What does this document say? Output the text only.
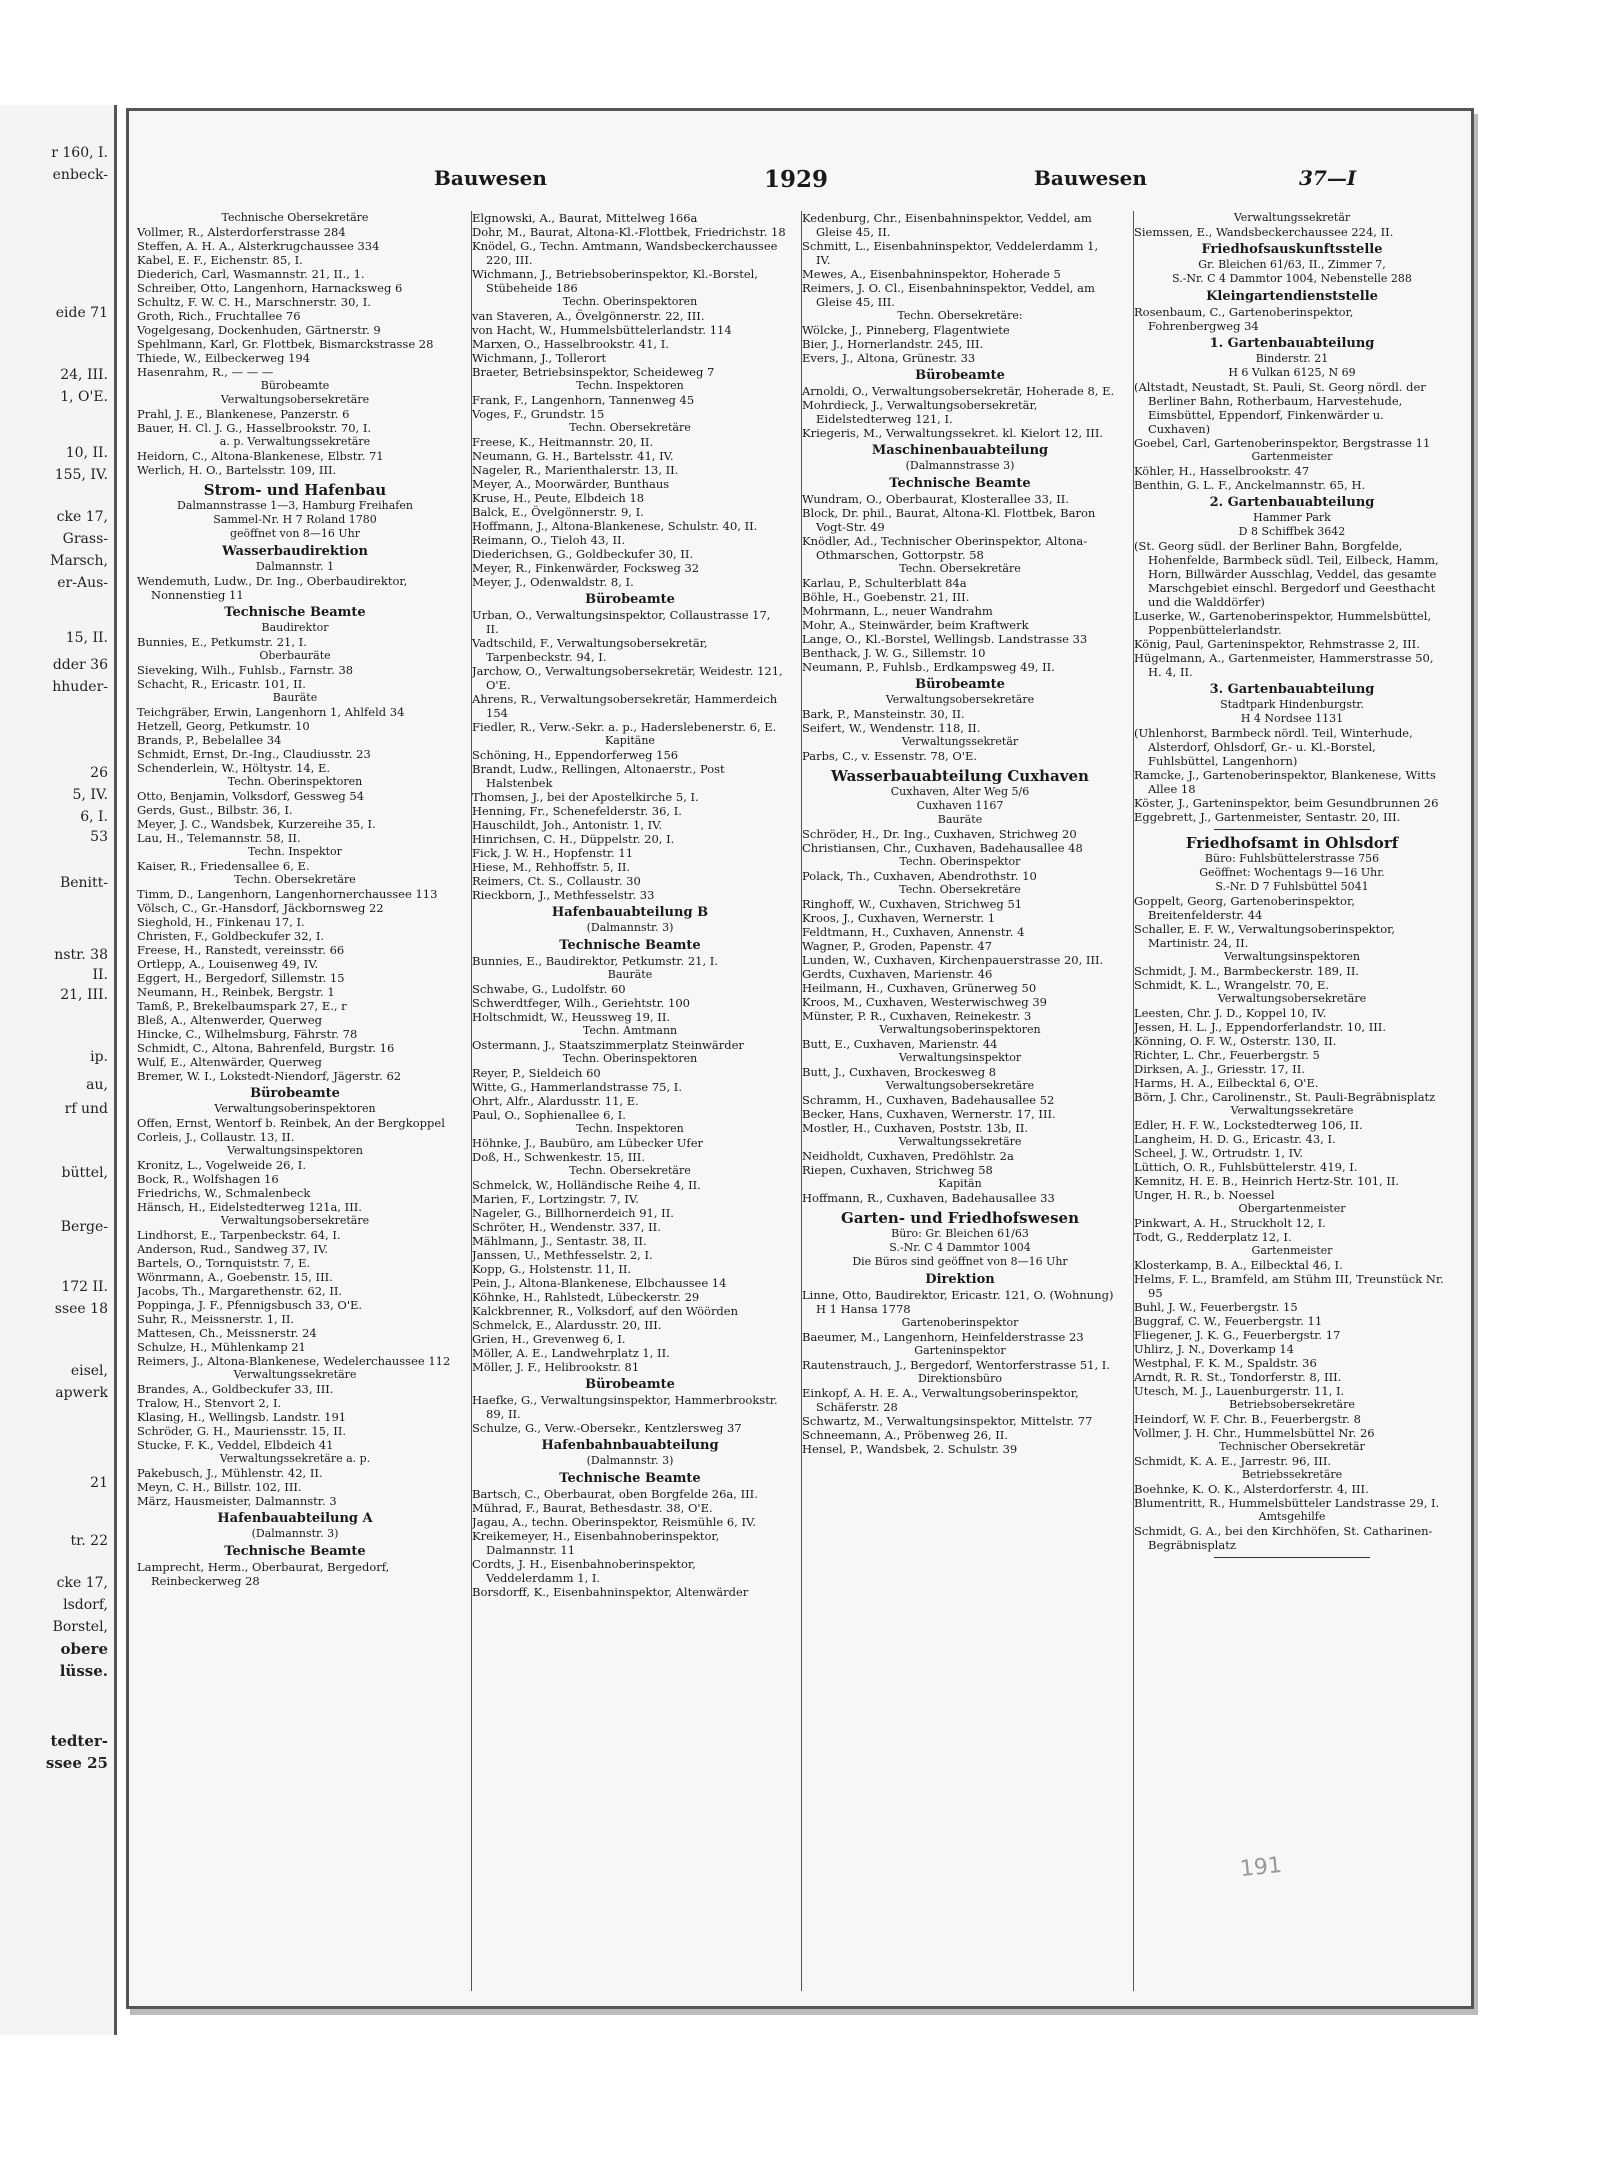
r 160, I.
enbeck-
eide 71
24, III.
1, O'E.
10, II.
155, IV.
cke 17,
Grass-
Marsch,
er-Aus-
15, II.
dder 36
hhuder-
26
5, IV.
6, I.
53
Benitt-
nstr. 38
II.
21, III.
ip.
au,
rf und
büttel,
Berge-
172 II.
ssee 18
eisel,
apwerk
21
tr. 22
cke 17,
lsdorf,
Borstel,
obere
lüsse.
tedter-
ssee 25
Bauwesen	1929	Bauwesen	37—I

Technische Obersekretäre

Vollmer, R., Alsterdorferstrasse 284

Steffen, A. H. A., Alsterkrugchaussee 334

Kabel, E. F., Eichenstr. 85, I.

Diederich, Carl, Wasmannstr. 21, II., 1.

Schreiber, Otto, Langenhorn, Harnacksweg 6

Schultz, F. W. C. H., Marschnerstr. 30, I.

Groth, Rich., Fruchtallee 76

Vogelgesang, Dockenhuden, Gärtnerstr. 9

Spehlmann, Karl, Gr. Flottbek, Bismarckstrasse 28

Thiede, W., Eilbeckerweg 194

Hasenrahm, R., — — —

Bürobeamte

Verwaltungsobersekretäre

Prahl, J. E., Blankenese, Panzerstr. 6

Bauer, H. Cl. J. G., Hasselbrookstr. 70, I.

a. p. Verwaltungssekretäre

Heidorn, C., Altona-Blankenese, Elbstr. 71

Werlich, H. O., Bartelsstr. 109, III.

Strom- und Hafenbau

Dalmannstrasse 1—3, Hamburg Freihafen

Sammel-Nr. H 7 Roland 1780

geöffnet von 8—16 Uhr

Wasserbaudirektion

Dalmannstr. 1

Wendemuth, Ludw., Dr. Ing., Oberbaudirektor, Nonnenstieg 11

Technische Beamte

Baudirektor

Bunnies, E., Petkumstr. 21, I.

Oberbauräte

Sieveking, Wilh., Fuhlsb., Farnstr. 38

Schacht, R., Ericastr. 101, II.

Bauräte

Teichgräber, Erwin, Langenhorn 1, Ahlfeld 34

Hetzell, Georg, Petkumstr. 10

Brands, P., Bebelallee 34

Schmidt, Ernst, Dr.-Ing., Claudiusstr. 23

Schenderlein, W., Höltystr. 14, E.

Techn. Oberinspektoren

Otto, Benjamin, Volksdorf, Gessweg 54

Gerds, Gust., Bilbstr. 36, I.

Meyer, J. C., Wandsbek, Kurzereihe 35, I.

Lau, H., Telemannstr. 58, II.

Techn. Inspektor

Kaiser, R., Friedensallee 6, E.

Techn. Obersekretäre

Timm, D., Langenhorn, Langenhornerchaussee 113

Völsch, C., Gr.-Hansdorf, Jäckbornsweg 22

Sieghold, H., Finkenau 17, I.

Christen, F., Goldbeckufer 32, I.

Freese, H., Ranstedt, vereinsstr. 66

Ortlepp, A., Louisenweg 49, IV.

Eggert, H., Bergedorf, Sillemstr. 15

Neumann, H., Reinbek, Bergstr. 1

Tamß, P., Brekelbaumspark 27, E., r

Bleß, A., Altenwerder, Querweg

Hincke, C., Wilhelmsburg, Fährstr. 78

Schmidt, C., Altona, Bahrenfeld, Burgstr. 16

Wulf, E., Altenwärder, Querweg

Bremer, W. I., Lokstedt-Niendorf, Jägerstr. 62

Bürobeamte

Verwaltungsoberinspektoren

Offen, Ernst, Wentorf b. Reinbek, An der Bergkoppel

Corleis, J., Collaustr. 13, II.

Verwaltungsinspektoren

Kronitz, L., Vogelweide 26, I.

Bock, R., Wolfshagen 16

Friedrichs, W., Schmalenbeck

Hänsch, H., Eidelstedterweg 121a, III.

Verwaltungsobersekretäre

Lindhorst, E., Tarpenbeckstr. 64, I.

Anderson, Rud., Sandweg 37, IV.

Bartels, O., Tornquiststr. 7, E.

Wönrmann, A., Goebenstr. 15, III.

Jacobs, Th., Margarethenstr. 62, II.

Poppinga, J. F., Pfennigsbusch 33, O'E.

Suhr, R., Meissnerstr. 1, II.

Mattesen, Ch., Meissnerstr. 24

Schulze, H., Mühlenkamp 21

Reimers, J., Altona-Blankenese, Wedelerchaussee 112

Verwaltungssekretäre

Brandes, A., Goldbeckufer 33, III.

Tralow, H., Stenvort 2, I.

Klasing, H., Wellingsb. Landstr. 191

Schröder, G. H., Mauriensstr. 15, II.

Stucke, F. K., Veddel, Elbdeich 41

Verwaltungssekretäre a. p.

Pakebusch, J., Mühlenstr. 42, II.

Meyn, C. H., Billstr. 102, III.

März, Hausmeister, Dalmannstr. 3

Hafenbauabteilung A

(Dalmannstr. 3)

Technische Beamte

Lamprecht, Herm., Oberbaurat, Bergedorf, Reinbeckerweg 28

Elgnowski, A., Baurat, Mittelweg 166a

Dohr, M., Baurat, Altona-Kl.-Flottbek, Friedrichstr. 18

Knödel, G., Techn. Amtmann, Wandsbeckerchaussee 220, III.

Wichmann, J., Betriebsoberinspektor, Kl.-Borstel, Stübeheide 186

Techn. Oberinspektoren

van Staveren, A., Övelgönnerstr. 22, III.

von Hacht, W., Hummelsbüttelerlandstr. 114

Marxen, O., Hasselbrookstr. 41, I.

Wichmann, J., Tollerort

Braeter, Betriebsinspektor, Scheideweg 7

Techn. Inspektoren

Frank, F., Langenhorn, Tannenweg 45

Voges, F., Grundstr. 15

Techn. Obersekretäre

Freese, K., Heitmannstr. 20, II.

Neumann, G. H., Bartelsstr. 41, IV.

Nageler, R., Marienthalerstr. 13, II.

Meyer, A., Moorwärder, Bunthaus

Kruse, H., Peute, Elbdeich 18

Balck, E., Övelgönnerstr. 9, I.

Hoffmann, J., Altona-Blankenese, Schulstr. 40, II.

Reimann, O., Tieloh 43, II.

Diederichsen, G., Goldbeckufer 30, II.

Meyer, R., Finkenwärder, Focksweg 32

Meyer, J., Odenwaldstr. 8, I.

Bürobeamte

Urban, O., Verwaltungsinspektor, Collaustrasse 17, II.

Vadtschild, F., Verwaltungsobersekretär, Tarpenbeckstr. 94, I.

Jarchow, O., Verwaltungsobersekretär, Weidestr. 121, O'E.

Ahrens, R., Verwaltungsobersekretär, Hammerdeich 154

Fiedler, R., Verw.-Sekr. a. p., Haderslebenerstr. 6, E.

Kapitäne

Schöning, H., Eppendorferweg 156

Brandt, Ludw., Rellingen, Altonaerstr., Post Halstenbek

Thomsen, J., bei der Apostelkirche 5, I.

Henning, Fr., Schenefelderstr. 36, I.

Hauschildt, Joh., Antonistr. 1, IV.

Hinrichsen, C. H., Düppelstr. 20, I.

Fick, J. W. H., Hopfenstr. 11

Hiese, M., Rehhoffstr. 5, II.

Reimers, Ct. S., Collaustr. 30

Rieckborn, J., Methfesselstr. 33

Hafenbauabteilung B

(Dalmannstr. 3)

Technische Beamte

Bunnies, E., Baudirektor, Petkumstr. 21, I.

Bauräte

Schwabe, G., Ludolfstr. 60

Schwerdtfeger, Wilh., Geriehtstr. 100

Holtschmidt, W., Heussweg 19, II.

Techn. Amtmann

Ostermann, J., Staatszimmerplatz Steinwärder

Techn. Oberinspektoren

Reyer, P., Sieldeich 60

Witte, G., Hammerlandstrasse 75, I.

Ohrt, Alfr., Alardusstr. 11, E.

Paul, O., Sophienallee 6, I.

Techn. Inspektoren

Höhnke, J., Baubüro, am Lübecker Ufer

Doß, H., Schwenkestr. 15, III.

Techn. Obersekretäre

Schmelck, W., Holländische Reihe 4, II.

Marien, F., Lortzingstr. 7, IV.

Nageler, G., Billhornerdeich 91, II.

Schröter, H., Wendenstr. 337, II.

Mählmann, J., Sentastr. 38, II.

Janssen, U., Methfesselstr. 2, I.

Kopp, G., Holstenstr. 11, II.

Pein, J., Altona-Blankenese, Elbchaussee 14

Köhnke, H., Rahlstedt, Lübeckerstr. 29

Kalckbrenner, R., Volksdorf, auf den Wöörden

Schmelck, E., Alardusstr. 20, III.

Grien, H., Grevenweg 6, I.

Möller, A. E., Landwehrplatz 1, II.

Möller, J. F., Helibrookstr. 81

Bürobeamte

Haefke, G., Verwaltungsinspektor, Hammerbrookstr. 89, II.

Schulze, G., Verw.-Obersekr., Kentzlersweg 37

Hafenbahnbauabteilung

(Dalmannstr. 3)

Technische Beamte

Bartsch, C., Oberbaurat, oben Borgfelde 26a, III.

Mührad, F., Baurat, Bethesdastr. 38, O'E.

Jagau, A., techn. Oberinspektor, Reismühle 6, IV.

Kreikemeyer, H., Eisenbahnoberinspektor, Dalmannstr. 11

Cordts, J. H., Eisenbahnoberinspektor, Veddelerdamm 1, I.

Borsdorff, K., Eisenbahninspektor, Altenwärder

Kedenburg, Chr., Eisenbahninspektor, Veddel, am Gleise 45, II.

Schmitt, L., Eisenbahninspektor, Veddelerdamm 1, IV.

Mewes, A., Eisenbahninspektor, Hoherade 5

Reimers, J. O. Cl., Eisenbahninspektor, Veddel, am Gleise 45, III.

Techn. Obersekretäre:

Wölcke, J., Pinneberg, Flagentwiete

Bier, J., Hornerlandstr. 245, III.

Evers, J., Altona, Grünestr. 33

Bürobeamte

Arnoldi, O., Verwaltungsobersekretär, Hoherade 8, E.

Mohrdieck, J., Verwaltungsobersekretär, Eidelstedterweg 121, I.

Kriegeris, M., Verwaltungssekret. kl. Kielort 12, III.

Maschinenbauabteilung

(Dalmannstrasse 3)

Technische Beamte

Wundram, O., Oberbaurat, Klosterallee 33, II.

Block, Dr. phil., Baurat, Altona-Kl. Flottbek, Baron Vogt-Str. 49

Knödler, Ad., Technischer Oberinspektor, Altona-Othmarschen, Gottorpstr. 58

Techn. Obersekretäre

Karlau, P., Schulterblatt 84a

Böhle, H., Goebenstr. 21, III.

Mohrmann, L., neuer Wandrahm

Mohr, A., Steinwärder, beim Kraftwerk

Lange, O., Kl.-Borstel, Wellingsb. Landstrasse 33

Benthack, J. W. G., Sillemstr. 10

Neumann, P., Fuhlsb., Erdkampsweg 49, II.

Bürobeamte

Verwaltungsobersekretäre

Bark, P., Mansteinstr. 30, II.

Seifert, W., Wendenstr. 118, II.

Verwaltungssekretär

Parbs, C., v. Essenstr. 78, O'E.

Wasserbauabteilung Cuxhaven

Cuxhaven, Alter Weg 5/6

Cuxhaven 1167

Bauräte

Schröder, H., Dr. Ing., Cuxhaven, Strichweg 20

Christiansen, Chr., Cuxhaven, Badehausallee 48

Techn. Oberinspektor

Polack, Th., Cuxhaven, Abendrothstr. 10

Techn. Obersekretäre

Ringhoff, W., Cuxhaven, Strichweg 51

Kroos, J., Cuxhaven, Wernerstr. 1

Feldtmann, H., Cuxhaven, Annenstr. 4

Wagner, P., Groden, Papenstr. 47

Lunden, W., Cuxhaven, Kirchenpauerstrasse 20, III.

Gerdts, Cuxhaven, Marienstr. 46

Heilmann, H., Cuxhaven, Grünerweg 50

Kroos, M., Cuxhaven, Westerwischweg 39

Münster, P. R., Cuxhaven, Reinekestr. 3

Verwaltungsoberinspektoren

Butt, E., Cuxhaven, Marienstr. 44

Verwaltungsinspektor

Butt, J., Cuxhaven, Brockesweg 8

Verwaltungsobersekretäre

Schramm, H., Cuxhaven, Badehausallee 52

Becker, Hans, Cuxhaven, Wernerstr. 17, III.

Mostler, H., Cuxhaven, Poststr. 13b, II.

Verwaltungssekretäre

Neidholdt, Cuxhaven, Predöhlstr. 2a

Riepen, Cuxhaven, Strichweg 58

Kapitän

Hoffmann, R., Cuxhaven, Badehausallee 33

Garten- und Friedhofswesen

Büro: Gr. Bleichen 61/63

S.-Nr. C 4 Dammtor 1004

Die Büros sind geöffnet von 8—16 Uhr

Direktion

Linne, Otto, Baudirektor, Ericastr. 121, O. (Wohnung) H 1 Hansa 1778

Gartenoberinspektor

Baeumer, M., Langenhorn, Heinfelderstrasse 23

Garteninspektor

Rautenstrauch, J., Bergedorf, Wentorferstrasse 51, I.

Direktionsbüro

Einkopf, A. H. E. A., Verwaltungsoberinspektor, Schäferstr. 28

Schwartz, M., Verwaltungsinspektor, Mittelstr. 77

Schneemann, A., Pröbenweg 26, II.

Hensel, P., Wandsbek, 2. Schulstr. 39

Verwaltungssekretär

Siemssen, E., Wandsbeckerchaussee 224, II.

Friedhofsauskunftsstelle

Gr. Bleichen 61/63, II., Zimmer 7,

S.-Nr. C 4 Dammtor 1004, Nebenstelle 288

Kleingartendienststelle

Rosenbaum, C., Gartenoberinspektor, Fohrenbergweg 34

1. Gartenbauabteilung

Binderstr. 21

H 6 Vulkan 6125, N 69

(Altstadt, Neustadt, St. Pauli, St. Georg nördl. der Berliner Bahn, Rotherbaum, Harvestehude, Eimsbüttel, Eppendorf, Finkenwärder u. Cuxhaven)

Goebel, Carl, Gartenoberinspektor, Bergstrasse 11

Gartenmeister

Köhler, H., Hasselbrookstr. 47

Benthin, G. L. F., Anckelmannstr. 65, H.

2. Gartenbauabteilung

Hammer Park

D 8 Schiffbek 3642

(St. Georg südl. der Berliner Bahn, Borgfelde, Hohenfelde, Barmbeck südl. Teil, Eilbeck, Hamm, Horn, Billwärder Ausschlag, Veddel, das gesamte Marschgebiet einschl. Bergedorf und Geesthacht und die Walddörfer)

Luserke, W., Gartenoberinspektor, Hummelsbüttel, Poppenbüttelerlandstr.

König, Paul, Garteninspektor, Rehmstrasse 2, III.

Hügelmann, A., Gartenmeister, Hammerstrasse 50, H. 4, II.

3. Gartenbauabteilung

Stadtpark Hindenburgstr.

H 4 Nordsee 1131

(Uhlenhorst, Barmbeck nördl. Teil, Winterhude, Alsterdorf, Ohlsdorf, Gr.- u. Kl.-Borstel, Fuhlsbüttel, Langenhorn)

Ramcke, J., Gartenoberinspektor, Blankenese, Witts Allee 18

Köster, J., Garteninspektor, beim Gesundbrunnen 26

Eggebrett, J., Gartenmeister, Sentastr. 20, III.

Friedhofsamt in Ohlsdorf

Büro: Fuhlsbüttelerstrasse 756

Geöffnet: Wochentags 9—16 Uhr.

S.-Nr. D 7 Fuhlsbüttel 5041

Goppelt, Georg, Gartenoberinspektor, Breitenfelderstr. 44

Schaller, E. F. W., Verwaltungsoberinspektor, Martinistr. 24, II.

Verwaltungsinspektoren

Schmidt, J. M., Barmbeckerstr. 189, II.

Schmidt, K. L., Wrangelstr. 70, E.

Verwaltungsobersekretäre

Leesten, Chr. J. D., Koppel 10, IV.

Jessen, H. L. J., Eppendorferlandstr. 10, III.

Könning, O. F. W., Osterstr. 130, II.

Richter, L. Chr., Feuerbergstr. 5

Dirksen, A. J., Griesstr. 17, II.

Harms, H. A., Eilbecktal 6, O'E.

Börn, J. Chr., Carolinenstr., St. Pauli-Begräbnisplatz

Verwaltungssekretäre

Edler, H. F. W., Lockstedterweg 106, II.

Langheim, H. D. G., Ericastr. 43, I.

Scheel, J. W., Ortrudstr. 1, IV.

Lüttich, O. R., Fuhlsbüttelerstr. 419, I.

Kemnitz, H. E. B., Heinrich Hertz-Str. 101, II.

Unger, H. R., b. Noessel

Obergartenmeister

Pinkwart, A. H., Struckholt 12, I.

Todt, G., Redderplatz 12, I.

Gartenmeister

Klosterkamp, B. A., Eilbecktal 46, I.

Helms, F. L., Bramfeld, am Stühm III, Treunstück Nr. 95

Buhl, J. W., Feuerbergstr. 15

Buggraf, C. W., Feuerbergstr. 11

Fliegener, J. K. G., Feuerbergstr. 17

Uhlirz, J. N., Doverkamp 14

Westphal, F. K. M., Spaldstr. 36

Arndt, R. R. St., Tondorferstr. 8, III.

Utesch, M. J., Lauenburgerstr. 11, I.

Betriebsobersekretäre

Heindorf, W. F. Chr. B., Feuerbergstr. 8

Vollmer, J. H. Chr., Hummelsbüttel Nr. 26

Technischer Obersekretär

Schmidt, K. A. E., Jarrestr. 96, III.

Betriebssekretäre

Boehnke, K. O. K., Alsterdorferstr. 4, III.

Blumentritt, R., Hummelsbütteler Landstrasse 29, I.

Amtsgehilfe

Schmidt, G. A., bei den Kirchhöfen, St. Catharinen-Begräbnisplatz

191
